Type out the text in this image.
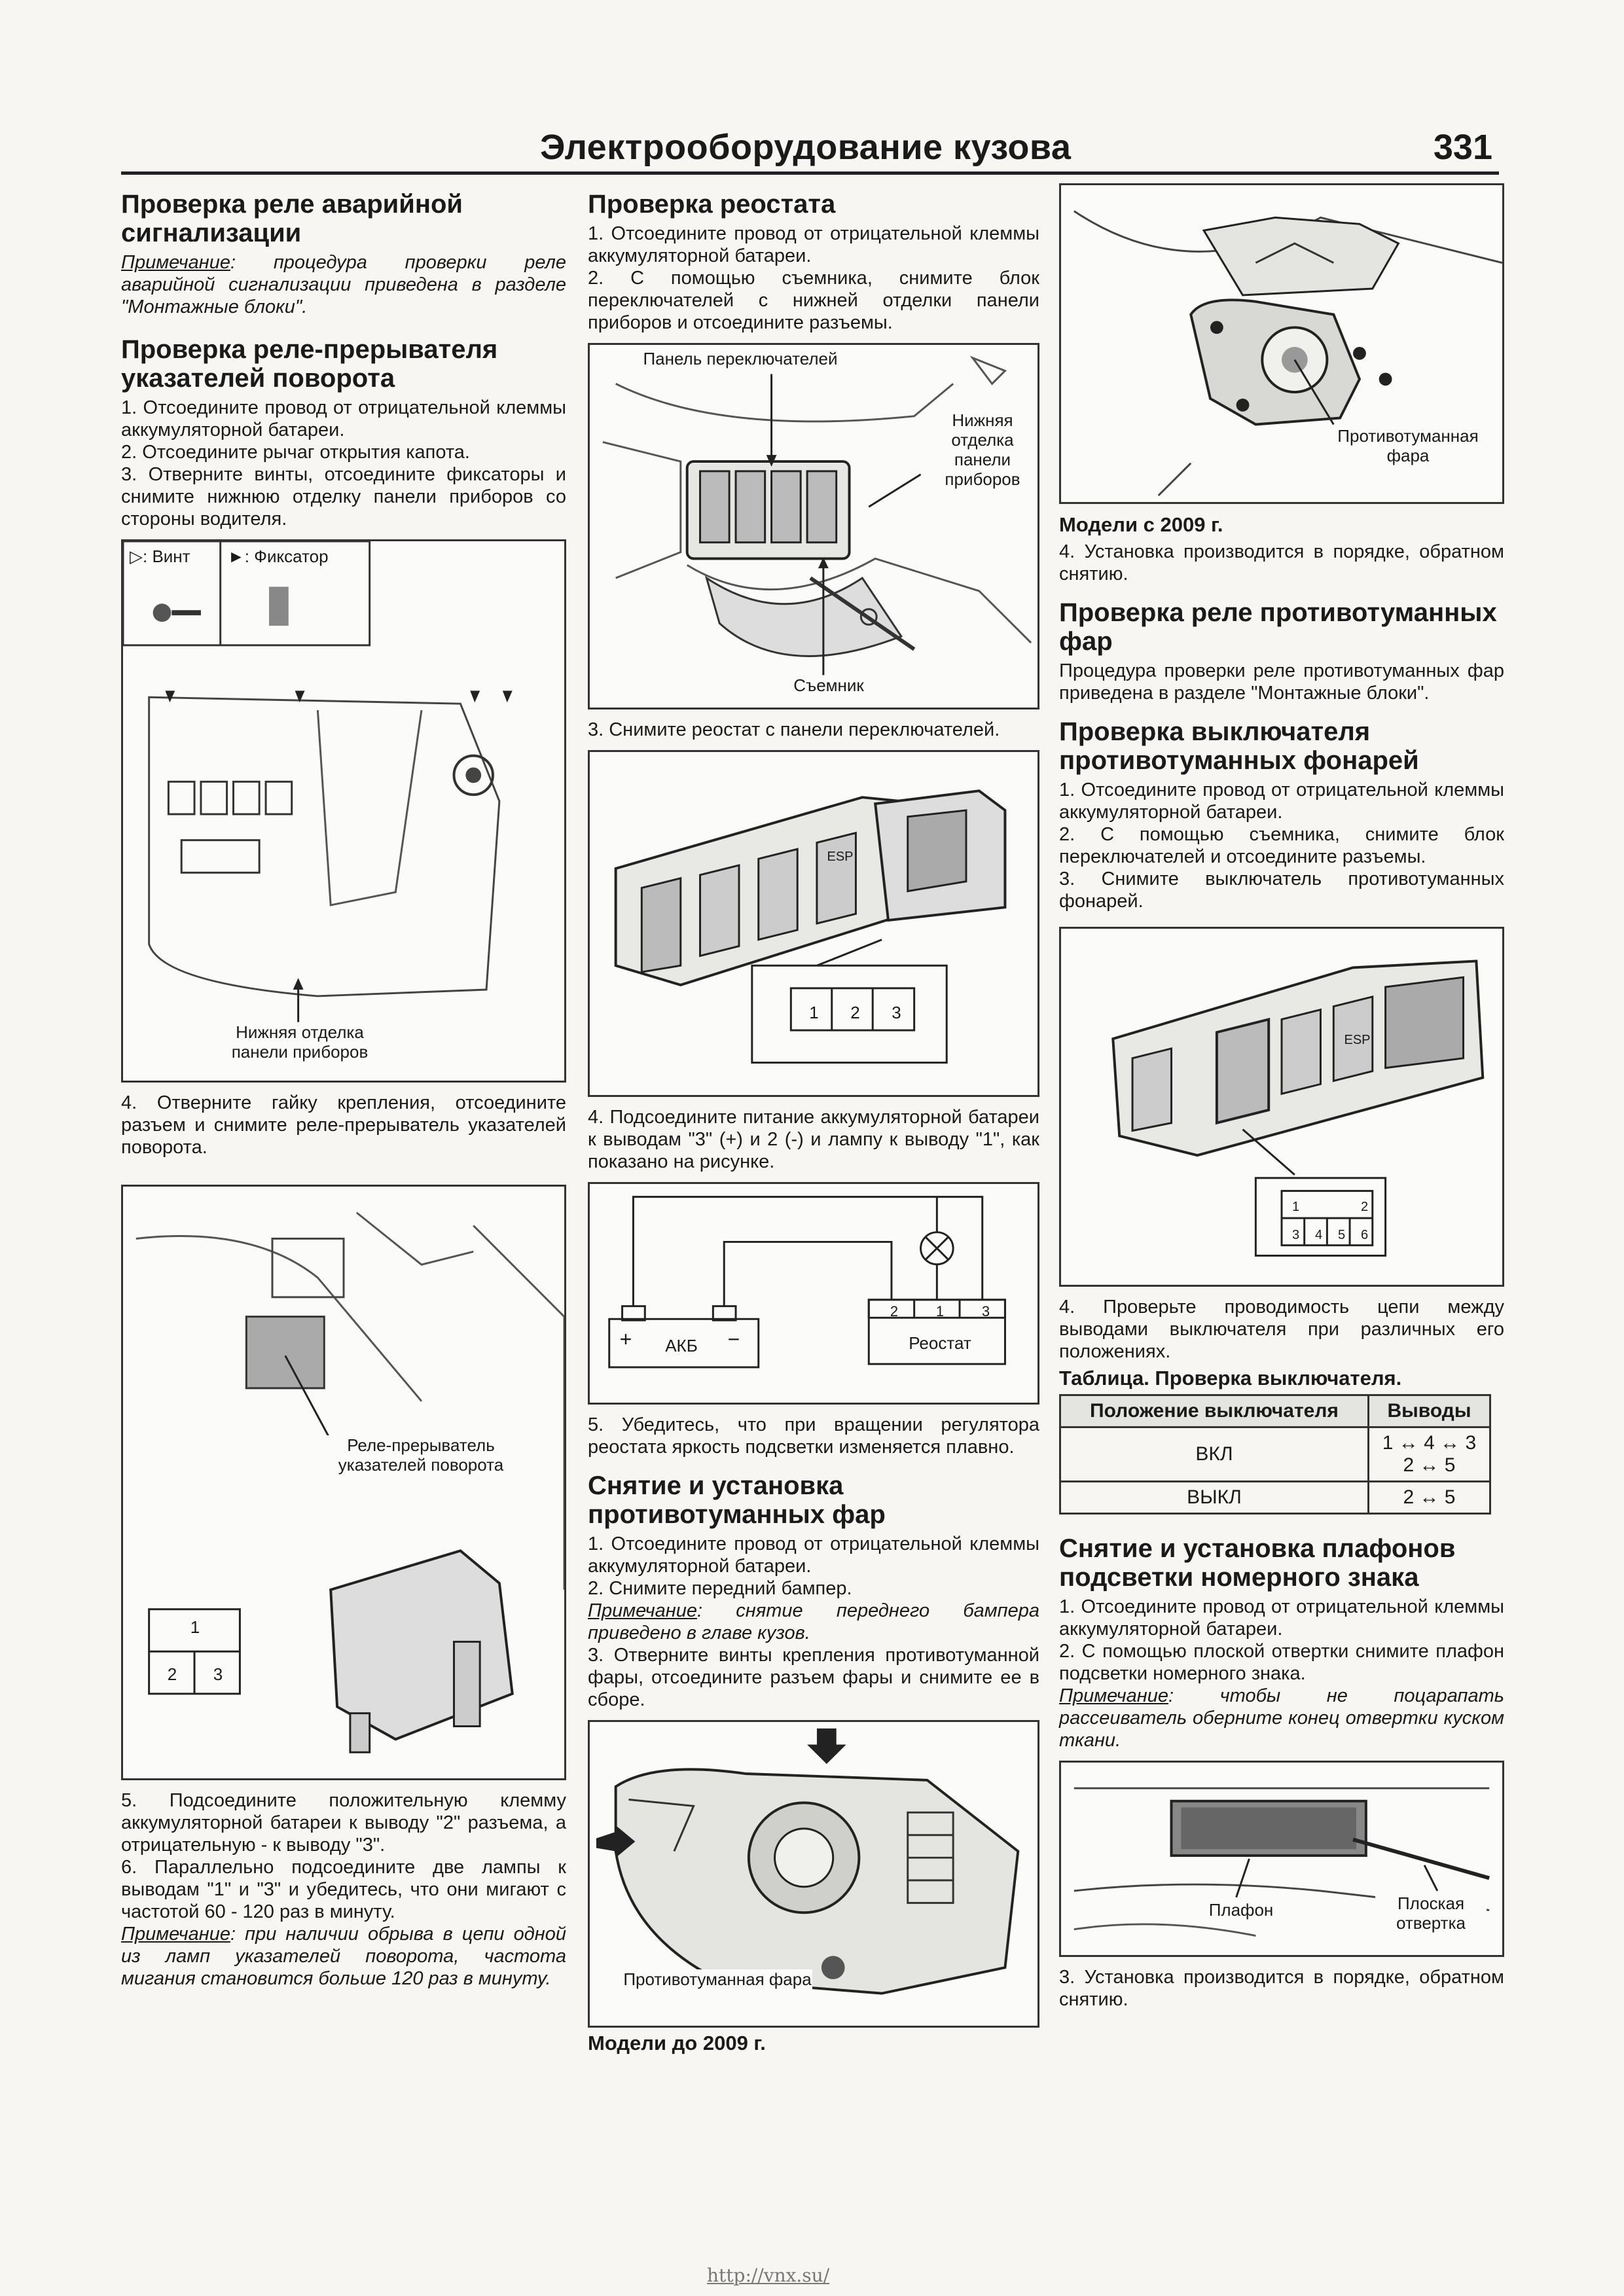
Электрооборудование кузова	331
Проверка реле аварийной сигнализации

Примечание: процедура проверки реле аварийной сигнализации приведена в разделе "Монтажные блоки".

Проверка реле-прерывателя указателей поворота

1. Отсоедините провод от отрицательной клеммы аккумуляторной батареи.

2. Отсоедините рычаг открытия капота.

3. Отверните винты, отсоедините фиксаторы и снимите нижнюю отделку панели приборов со стороны водителя.

▷: Винт	►: Фиксатор
Нижняя отделка панели приборов

4. Отверните гайку крепления, отсоедините разъем и снимите реле-прерыватель указателей поворота.

1
2	3
Реле-прерыватель указателей поворота

5. Подсоедините положительную клемму аккумуляторной батареи к выводу "2" разъема, а отрицательную - к выводу "3".

6. Параллельно подсоедините две лампы к выводам "1" и "3" и убедитесь, что они мигают с частотой 60 - 120 раз в минуту.

Примечание: при наличии обрыва в цепи одной из ламп указателей поворота, частота мигания становится больше 120 раз в минуту.

Проверка реостата

1. Отсоедините провод от отрицательной клеммы аккумуляторной батареи.

2. С помощью съемника, снимите блок переключателей с нижней отделки панели приборов и отсоедините разъемы.

Панель переключателей
Нижняя отделка панели приборов
Съемник

3. Снимите реостат с панели переключателей.

ESP
1	2	3

4. Подсоедините питание аккумуляторной батареи к выводам "3" (+) и 2 (-) и лампу к выводу "1", как показано на рисунке.

+	−
АКБ	Реостат
2	1	3

5. Убедитесь, что при вращении регулятора реостата яркость подсветки изменяется плавно.

Снятие и установка противотуманных фар

1. Отсоедините провод от отрицательной клеммы аккумуляторной батареи.

2. Снимите передний бампер.

Примечание: снятие переднего бампера приведено в главе кузов.

3. Отверните винты крепления противотуманной фары, отсоедините разъем фары и снимите ее в сборе.

Противотуманная фара
Модели до 2009 г.
Противотуманная фара
Модели с 2009 г.

4. Установка производится в порядке, обратном снятию.

Проверка реле противотуманных фар

Процедура проверки реле противотуманных фар приведена в разделе "Монтажные блоки".

Проверка выключателя противотуманных фонарей

1. Отсоедините провод от отрицательной клеммы аккумуляторной батареи.

2. С помощью съемника, снимите блок переключателей и отсоедините разъемы.

3. Снимите выключатель противотуманных фонарей.

ESP
1	2
3	4	5	6

4. Проверьте проводимость цепи между выводами выключателя при различных его положениях.

Таблица. Проверка выключателя.
Положение выключателя	Выводы
ВКЛ	1 ↔ 4 ↔ 3
2 ↔ 5

ВЫКЛ	2 ↔ 5
Снятие и установка плафонов подсветки номерного знака

1. Отсоедините провод от отрицательной клеммы аккумуляторной батареи.

2. С помощью плоской отвертки снимите плафон подсветки номерного знака.

Примечание: чтобы не поцарапать рассеиватель оберните конец отвертки куском ткани.

Плафон	Плоская отвертка

3. Установка производится в порядке, обратном снятию.

http://vnx.su/
